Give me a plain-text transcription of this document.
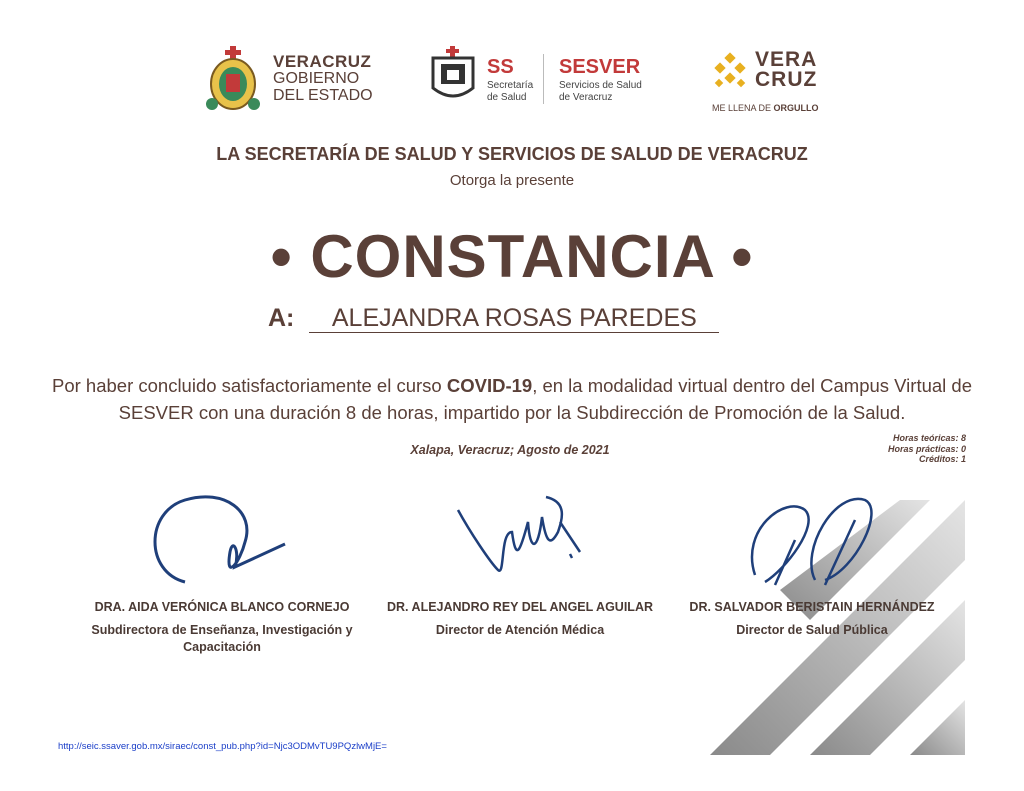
VERACRUZ
GOBIERNO
DEL ESTADO
SS
Secretaría
de Salud
SESVER
Servicios de Salud
de Veracruz
VERA
CRUZ
ME LLENA DE ORGULLO
LA SECRETARÍA DE SALUD Y SERVICIOS DE SALUD DE VERACRUZ
Otorga la presente
• CONSTANCIA •
A: ALEJANDRA ROSAS PAREDES
Por haber concluido satisfactoriamente el curso COVID-19, en la modalidad virtual dentro del Campus Virtual de SESVER con una duración 8 de horas, impartido por la Subdirección de Promoción de la Salud.
Xalapa, Veracruz; Agosto de 2021
Horas teóricas: 8
Horas prácticas: 0
Créditos: 1
DRA. AIDA VERÓNICA BLANCO CORNEJO
Subdirectora de Enseñanza, Investigación y Capacitación
DR. ALEJANDRO REY DEL ANGEL AGUILAR
Director de Atención Médica
DR. SALVADOR BERISTAIN HERNÁNDEZ
Director de Salud Pública
http://seic.ssaver.gob.mx/siraec/const_pub.php?id=Njc3ODMvTU9PQzlwMjE=
